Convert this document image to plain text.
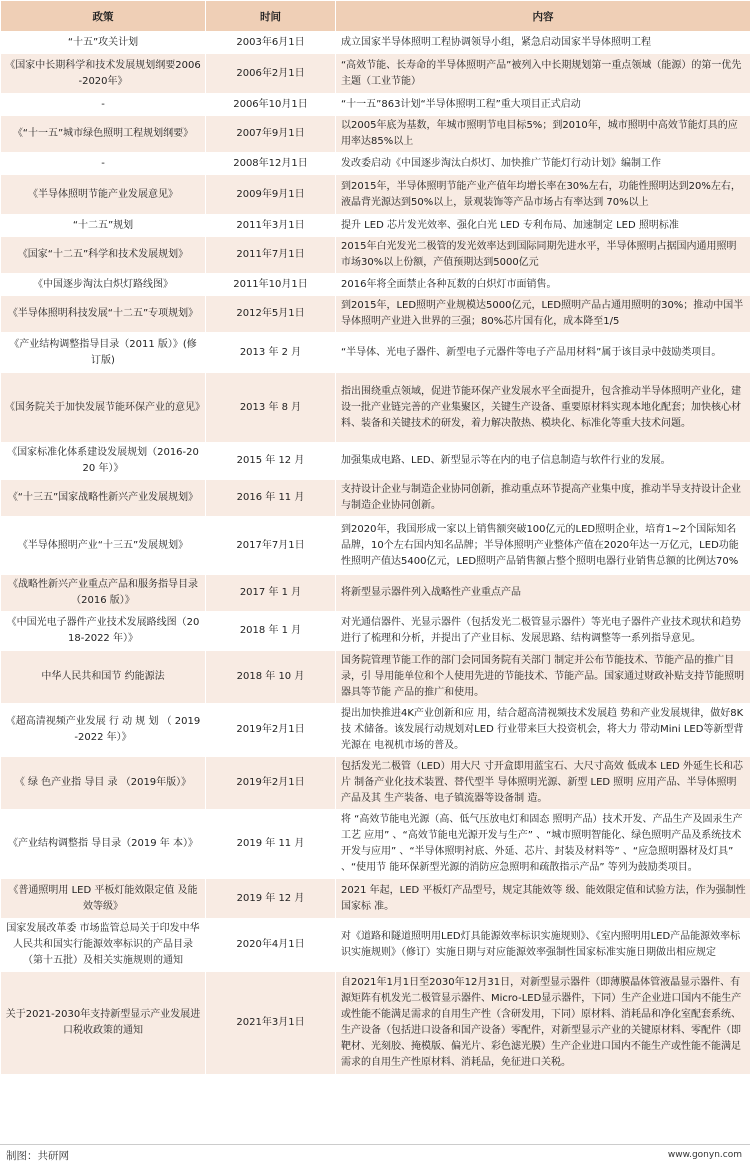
政策	时间	内容
“十五”攻关计划	2003年6月1日	成立国家半导体照明工程协调领导小组，紧急启动国家半导体照明工程
《国家中长期科学和技术发展规划纲要2006-2020年》	2006年2月1日	“高效节能、长寿命的半导体照明产品”被列入中长期规划第一重点领域（能源）的第一优先主题（工业节能）
-	2006年10月1日	“十一五”863计划“半导体照明工程”重大项目正式启动
《“十一五”城市绿色照明工程规划纲要》	2007年9月1日	以2005年底为基数，年城市照明节电目标5%；到2010年，城市照明中高效节能灯具的应用率达85%以上
-	2008年12月1日	发改委启动《中国逐步淘汰白炽灯、加快推广节能灯行动计划》编制工作
《半导体照明节能产业发展意见》	2009年9月1日	到2015年，半导体照明节能产业产值年均增长率在30%左右，功能性照明达到20%左右，液晶背光源达到50%以上，景观装饰等产品市场占有率达到 70%以上
“十二五”规划	2011年3月1日	提升 LED 芯片发光效率、强化白光 LED 专利布局、加速制定 LED 照明标准
《国家“十二五”科学和技术发展规划》	2011年7月1日	2015年白光发光二极管的发光效率达到国际同期先进水平，半导体照明占据国内通用照明市场30%以上份额，产值预期达到5000亿元
《中国逐步淘汰白炽灯路线图》	2011年10月1日	2016年将全面禁止各种瓦数的白炽灯市面销售。
《半导体照明科技发展“十二五”专项规划》	2012年5月1日	到2015年，LED照明产业规模达5000亿元，LED照明产品占通用照明的30%；推动中国半导体照明产业进入世界的三强；80%芯片国有化，成本降至1/5
《产业结构调整指导目录（2011 版）》(修订版)	2013 年 2 月	“半导体、光电子器件、新型电子元器件等电子产品用材料”属于该目录中鼓励类项目。
《国务院关于加快发展节能环保产业的意见》	2013 年 8 月	指出围绕重点领域，促进节能环保产业发展水平全面提升，包含推动半导体照明产业化，建设一批产业链完善的产业集聚区，关键生产设备、重要原材料实现本地化配套；加快核心材料、装备和关键技术的研发，着力解决散热、模块化、标准化等重大技术问题。
《国家标准化体系建设发展规划（2016-2020 年）》	2015 年 12 月	加强集成电路、LED、新型显示等在内的电子信息制造与软件行业的发展。
《“十三五”国家战略性新兴产业发展规划》	2016 年 11 月	支持设计企业与制造企业协同创新，推动重点环节提高产业集中度，推动半导支持设计企业与制造企业协同创新。
《半导体照明产业“十三五”发展规划》	2017年7月1日	到2020年，我国形成一家以上销售额突破100亿元的LED照明企业，培育1~2个国际知名品牌，10个左右国内知名品牌；半导体照明产业整体产值在2020年达一万亿元，LED功能性照明产值达5400亿元，LED照明产品销售额占整个照明电器行业销售总额的比例达70%
《战略性新兴产业重点产品和服务指导目录（2016 版）》	2017 年 1 月	将新型显示器件列入战略性产业重点产品
《中国光电子器件产业技术发展路线图（2018-2022 年）》	2018 年 1 月	对光通信器件、光显示器件（包括发光二极管显示器件）等光电子器件产业技术现状和趋势进行了梳理和分析，并提出了产业目标、发展思路、结构调整等一系列指导意见。
中华人民共和国节 约能源法	2018 年 10 月	国务院管理节能工作的部门会同国务院有关部门 制定并公布节能技术、节能产品的推广目录，引 导用能单位和个人使用先进的节能技术、节能产品。国家通过财政补贴支持节能照明器具等节能 产品的推广和使用。
《超高清视频产业发展 行 动 规 划 （ 2019-2022 年）》	2019年2月1日	提出加快推进4K产业创新和应 用，结合超高清视频技术发展趋 势和产业发展规律，做好8K技 术储备。该发展行动规划对LED 行业带来巨大投资机会，将大力 带动Mini LED等新型背光源在 电视机市场的普及。
《 绿 色产业指 导目 录 （2019年版）》	2019年2月1日	包括发光二极管（LED）用大尺 寸开盒即用蓝宝石、大尺寸高效 低成本 LED 外延生长和芯片 制备产业化技术装置、替代型半 导体照明光源、新型 LED 照明 应用产品、半导体照明产品及其 生产装备、电子镇流器等设备制 造。
《产业结构调整指 导目录（2019 年 本）》	2019 年 11 月	将 “高效节能电光源（高、低气压放电灯和固态 照明产品）技术开发、产品生产及固汞生产工艺 应用” 、“高效节能电光源开发与生产” 、“城市照明智能化、绿色照明产品及系统技术开发与应用” 、“半导体照明衬底、外延、芯片、封装及材料等” 、“应急照明器材及灯具” 、“使用节 能环保新型光源的消防应急照明和疏散指示产品” 等列为鼓励类项目。
《普通照明用 LED 平板灯能效限定值 及能效等级》	2019 年 12 月	2021 年起，LED 平板灯产品型号，规定其能效等 级、能效限定值和试验方法，作为强制性国家标 准。
国家发展改革委 市场监管总局关于印发中华人民共和国实行能源效率标识的产品目录（第十五批）及相关实施规则的通知	2020年4月1日	对《道路和隧道照明用LED灯具能源效率标识实施规则》、《室内照明用LED产品能源效率标识实施规则》（修订）实施日期与对应能源效率强制性国家标准实施日期做出相应规定
关于2021-2030年支持新型显示产业发展进口税收政策的通知	2021年3月1日	自2021年1月1日至2030年12月31日，对新型显示器件（即薄膜晶体管液晶显示器件、有源矩阵有机发光二极管显示器件、Micro-LED显示器件，下同）生产企业进口国内不能生产或性能不能满足需求的自用生产性（含研发用，下同）原材料、消耗品和净化室配套系统、生产设备（包括进口设备和国产设备）零配件，对新型显示产业的关键原材料、零配件（即靶材、光刻胶、掩模版、偏光片、彩色滤光膜）生产企业进口国内不能生产或性能不能满足需求的自用生产性原材料、消耗品，免征进口关税。
制图：共研网	www.gonyn.com
